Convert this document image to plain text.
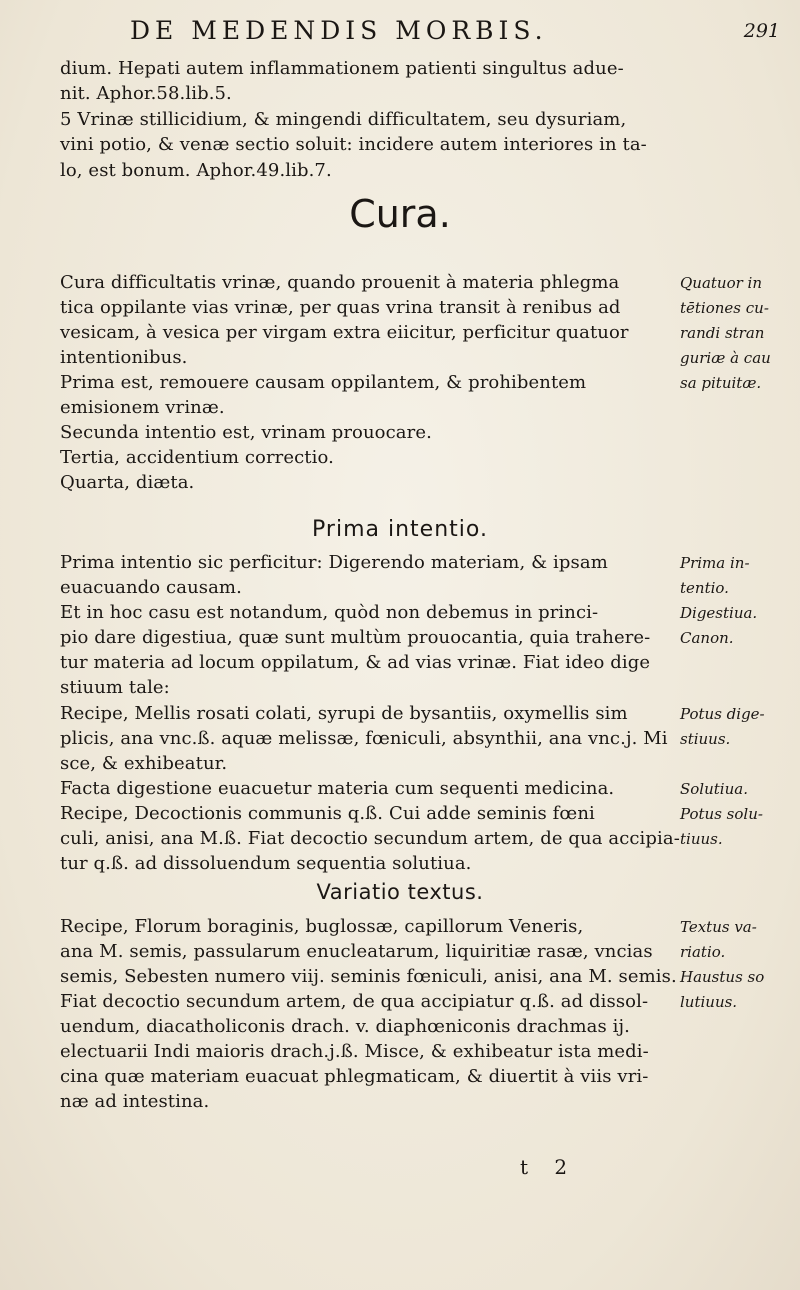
DE MEDENDIS MORBIS.	291
dium. Hepati autem inflammationem patienti singultus adue-
nit. Aphor.58.lib.5.
5 Vrinæ stillicidium, & mingendi difficultatem, seu dysuriam,
vini potio, & venæ sectio soluit: incidere autem interiores in ta-
lo, est bonum. Aphor.49.lib.7.
Cura.
Cura difficultatis vrinæ, quando prouenit à materia phlegma
tica oppilante vias vrinæ, per quas vrina transit à renibus ad
vesicam, à vesica per virgam extra eiicitur, perficitur quatuor
intentionibus.
Prima est, remouere causam oppilantem, & prohibentem
emisionem vrinæ.
Secunda intentio est, vrinam prouocare.
Tertia, accidentium correctio.
Quarta, diæta.
Prima intentio.
Prima intentio sic perficitur: Digerendo materiam, & ipsam
euacuando causam.
Et in hoc casu est notandum, quòd non debemus in princi-
pio dare digestiua, quæ sunt multùm prouocantia, quia trahere-
tur materia ad locum oppilatum, & ad vias vrinæ. Fiat ideo dige
stiuum tale:
Recipe, Mellis rosati colati, syrupi de bysantiis, oxymellis sim
plicis, ana vnc.ß. aquæ melissæ, fœniculi, absynthii, ana vnc.j. Mi
sce, & exhibeatur.
Facta digestione euacuetur materia cum sequenti medicina.
Recipe, Decoctionis communis q.ß. Cui adde seminis fœni
culi, anisi, ana M.ß. Fiat decoctio secundum artem, de qua accipia-
tur q.ß. ad dissoluendum sequentia solutiua.
Variatio textus.
Recipe, Florum boraginis, buglossæ, capillorum Veneris,
ana M. semis, passularum enucleatarum, liquiritiæ rasæ, vncias
semis, Sebesten numero viij. seminis fœniculi, anisi, ana M. semis.
Fiat decoctio secundum artem, de qua accipiatur q.ß. ad dissol-
uendum, diacatholiconis drach. v. diaphœniconis drachmas ij.
electuarii Indi maioris drach.j.ß. Misce, & exhibeatur ista medi-
cina quæ materiam euacuat phlegmaticam, & diuertit à viis vri-
næ ad intestina.
Quatuor in
tētiones cu-
randi stran
guriæ à cau
sa pituitæ.
Prima in-
tentio.
Digestiua.
Canon.
Potus dige-
stiuus.
Solutiua.
Potus solu-
tiuus.
Textus va-
riatio.
Haustus so
lutiuus.
t 2
